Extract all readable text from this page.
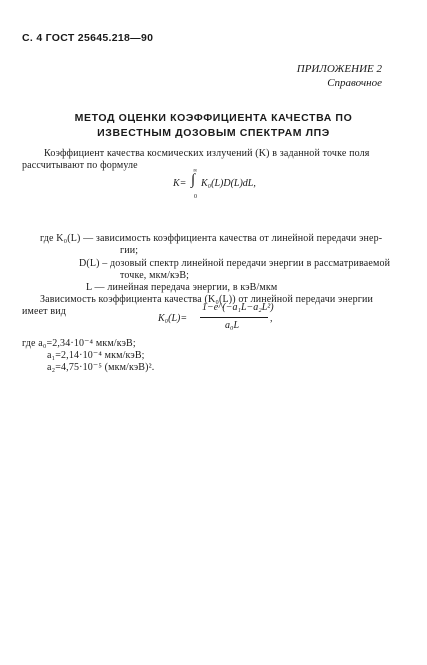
С. 4 ГОСТ 25645.218—90
ПРИЛОЖЕНИЕ 2
Справочное
МЕТОД ОЦЕНКИ КОЭФФИЦИЕНТА КАЧЕСТВА ПО
ИЗВЕСТНЫМ ДОЗОВЫМ СПЕКТРАМ ЛПЭ
Коэффициент качества космических излучений (K) в заданной точке поля
рассчитывают по формуле
K=
∞
∫
0
K₀(L)D(L)dL,
где K₀(L) — зависимость коэффициента качества от линейной передачи энер-
гии;
D(L) – дозовый спектр линейной передачи энергии в рассматриваемой
точке, мкм/кэВ;
L — линейная передача энергии, в кэВ/мкм
Зависимость коэффициента качества (K₀(L)) от линейной передачи энергии
имеет вид
K₀(L)=
1−e^(−a₁L−a₂L²)
a₀L
,
где a₀=2,34·10⁻⁴ мкм/кэВ;
a₁=2,14·10⁻⁴ мкм/кэВ;
a₂=4,75·10⁻⁵ (мкм/кэВ)².
